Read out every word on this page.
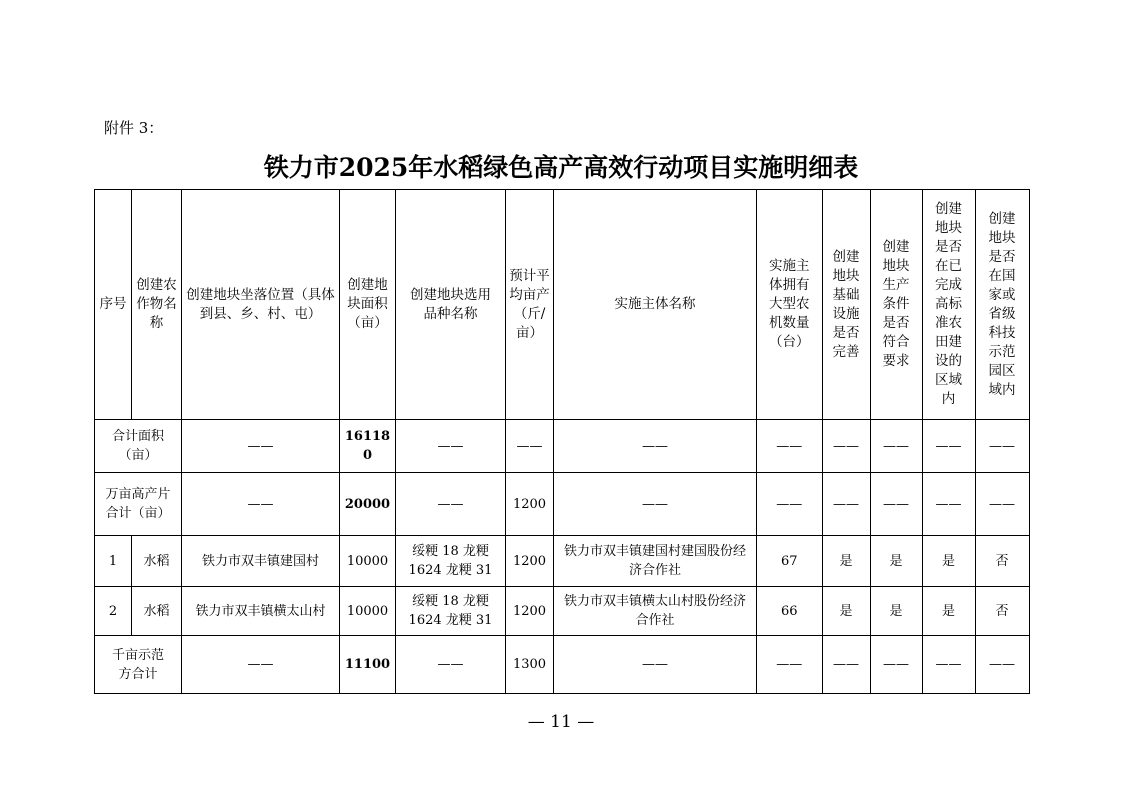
附件 3：
铁力市2025年水稻绿色高产高效行动项目实施明细表
序号	创建农作物名称	创建地块坐落位置（具体到县、乡、村、屯）	创建地块面积（亩）	创建地块选用品种名称	预计平均亩产（斤/亩）	实施主体名称	实施主体拥有大型农机数量（台）	创建地块基础设施是否完善	创建地块生产条件是否符合要求	创建地块是否在已完成高标准农田建设的区域内	创建地块是否在国家或省级科技示范园区域内
合计面积（亩）		——	161180	——	——	——	——	——	——	——	——
万亩高产片合计（亩）		——	20000	——	1200	——	——	——	——	——	——
1	水稻	铁力市双丰镇建国村	10000	绥粳 18 龙粳 1624 龙粳 31	1200	铁力市双丰镇建国村建国股份经济合作社	67	是	是	是	否
2	水稻	铁力市双丰镇横太山村	10000	绥粳 18 龙粳 1624 龙粳 31	1200	铁力市双丰镇横太山村股份经济合作社	66	是	是	是	否
千亩示范方合计		——	11100	——	1300	——	——	——	——	——	——
— 11 —
